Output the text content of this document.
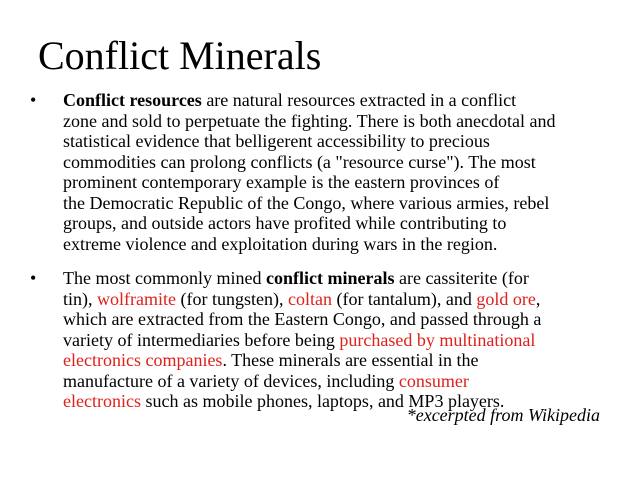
Conflict Minerals
• Conflict resources are natural resources extracted in a conflict
zone and sold to perpetuate the fighting. There is both anecdotal and
statistical evidence that belligerent accessibility to precious
commodities can prolong conflicts (a "resource curse"). The most
prominent contemporary example is the eastern provinces of
the Democratic Republic of the Congo, where various armies, rebel
groups, and outside actors have profited while contributing to
extreme violence and exploitation during wars in the region.
• The most commonly mined conflict minerals are cassiterite (for
tin), wolframite (for tungsten), coltan (for tantalum), and gold ore,
which are extracted from the Eastern Congo, and passed through a
variety of intermediaries before being purchased by multinational
electronics companies. These minerals are essential in the
manufacture of a variety of devices, including consumer
electronics such as mobile phones, laptops, and MP3 players.
*excerpted from Wikipedia
